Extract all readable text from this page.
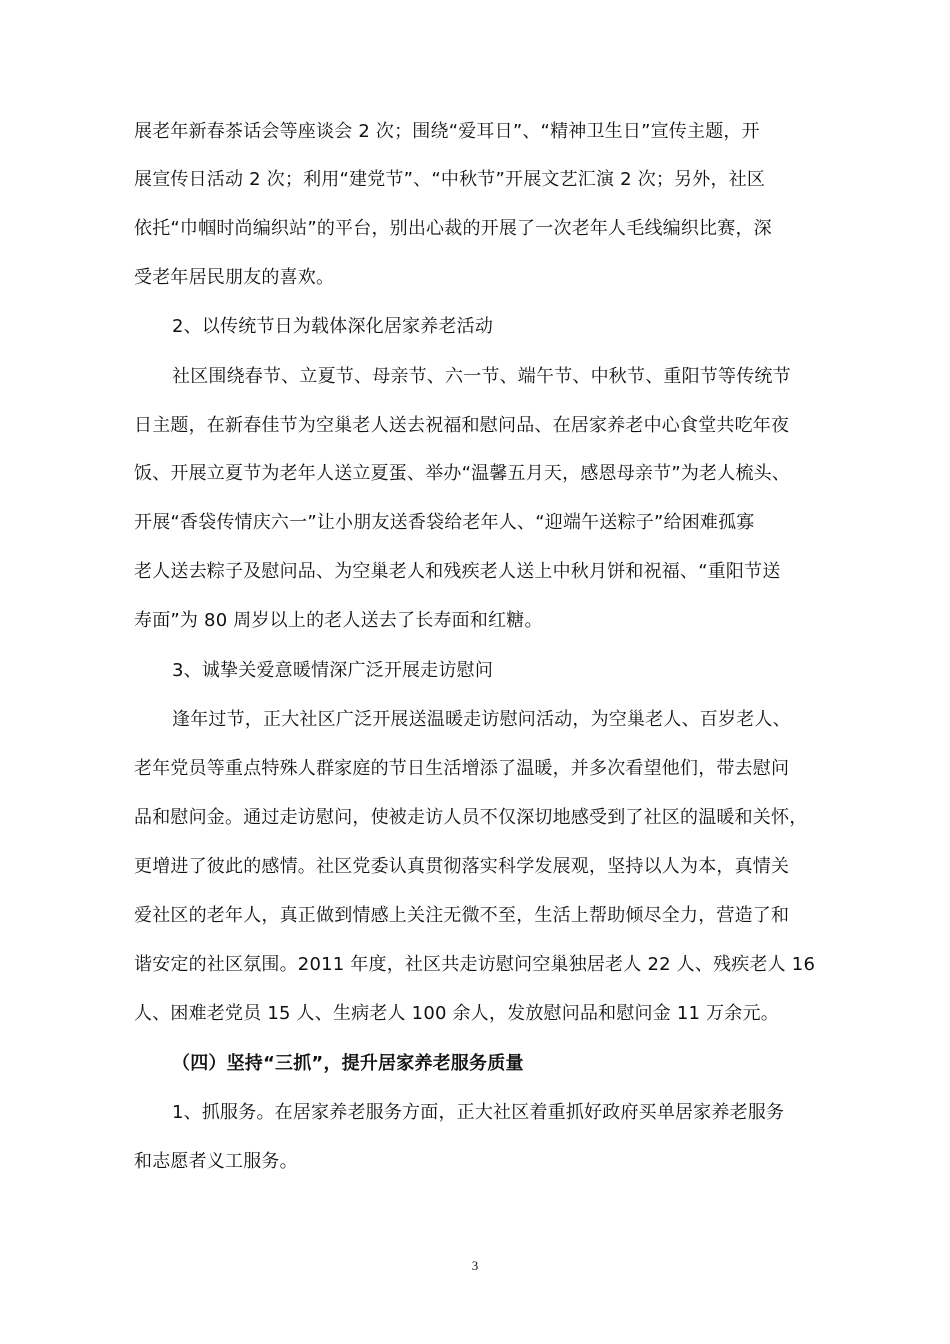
展老年新春茶话会等座谈会 2 次；围绕“爱耳日”、“精神卫生日”宣传主题，开
展宣传日活动 2 次；利用“建党节”、“中秋节”开展文艺汇演 2 次；另外，社区
依托“巾帼时尚编织站”的平台，别出心裁的开展了一次老年人毛线编织比赛，深
受老年居民朋友的喜欢。
2、以传统节日为载体深化居家养老活动
社区围绕春节、立夏节、母亲节、六一节、端午节、中秋节、重阳节等传统节
日主题，在新春佳节为空巢老人送去祝福和慰问品、在居家养老中心食堂共吃年夜
饭、开展立夏节为老年人送立夏蛋、举办“温馨五月天，感恩母亲节”为老人梳头、
开展“香袋传情庆六一”让小朋友送香袋给老年人、“迎端午送粽子”给困难孤寡
老人送去粽子及慰问品、为空巢老人和残疾老人送上中秋月饼和祝福、“重阳节送
寿面”为 80 周岁以上的老人送去了长寿面和红糖。
3、诚挚关爱意暖情深广泛开展走访慰问
逢年过节，正大社区广泛开展送温暖走访慰问活动，为空巢老人、百岁老人、
老年党员等重点特殊人群家庭的节日生活增添了温暖，并多次看望他们，带去慰问
品和慰问金。通过走访慰问，使被走访人员不仅深切地感受到了社区的温暖和关怀，
更增进了彼此的感情。社区党委认真贯彻落实科学发展观，坚持以人为本，真情关
爱社区的老年人，真正做到情感上关注无微不至，生活上帮助倾尽全力，营造了和
谐安定的社区氛围。2011 年度，社区共走访慰问空巢独居老人 22 人、残疾老人 16
人、困难老党员 15 人、生病老人 100 余人，发放慰问品和慰问金 11 万余元。
（四）坚持“三抓”，提升居家养老服务质量
1、抓服务。在居家养老服务方面，正大社区着重抓好政府买单居家养老服务
和志愿者义工服务。
3
